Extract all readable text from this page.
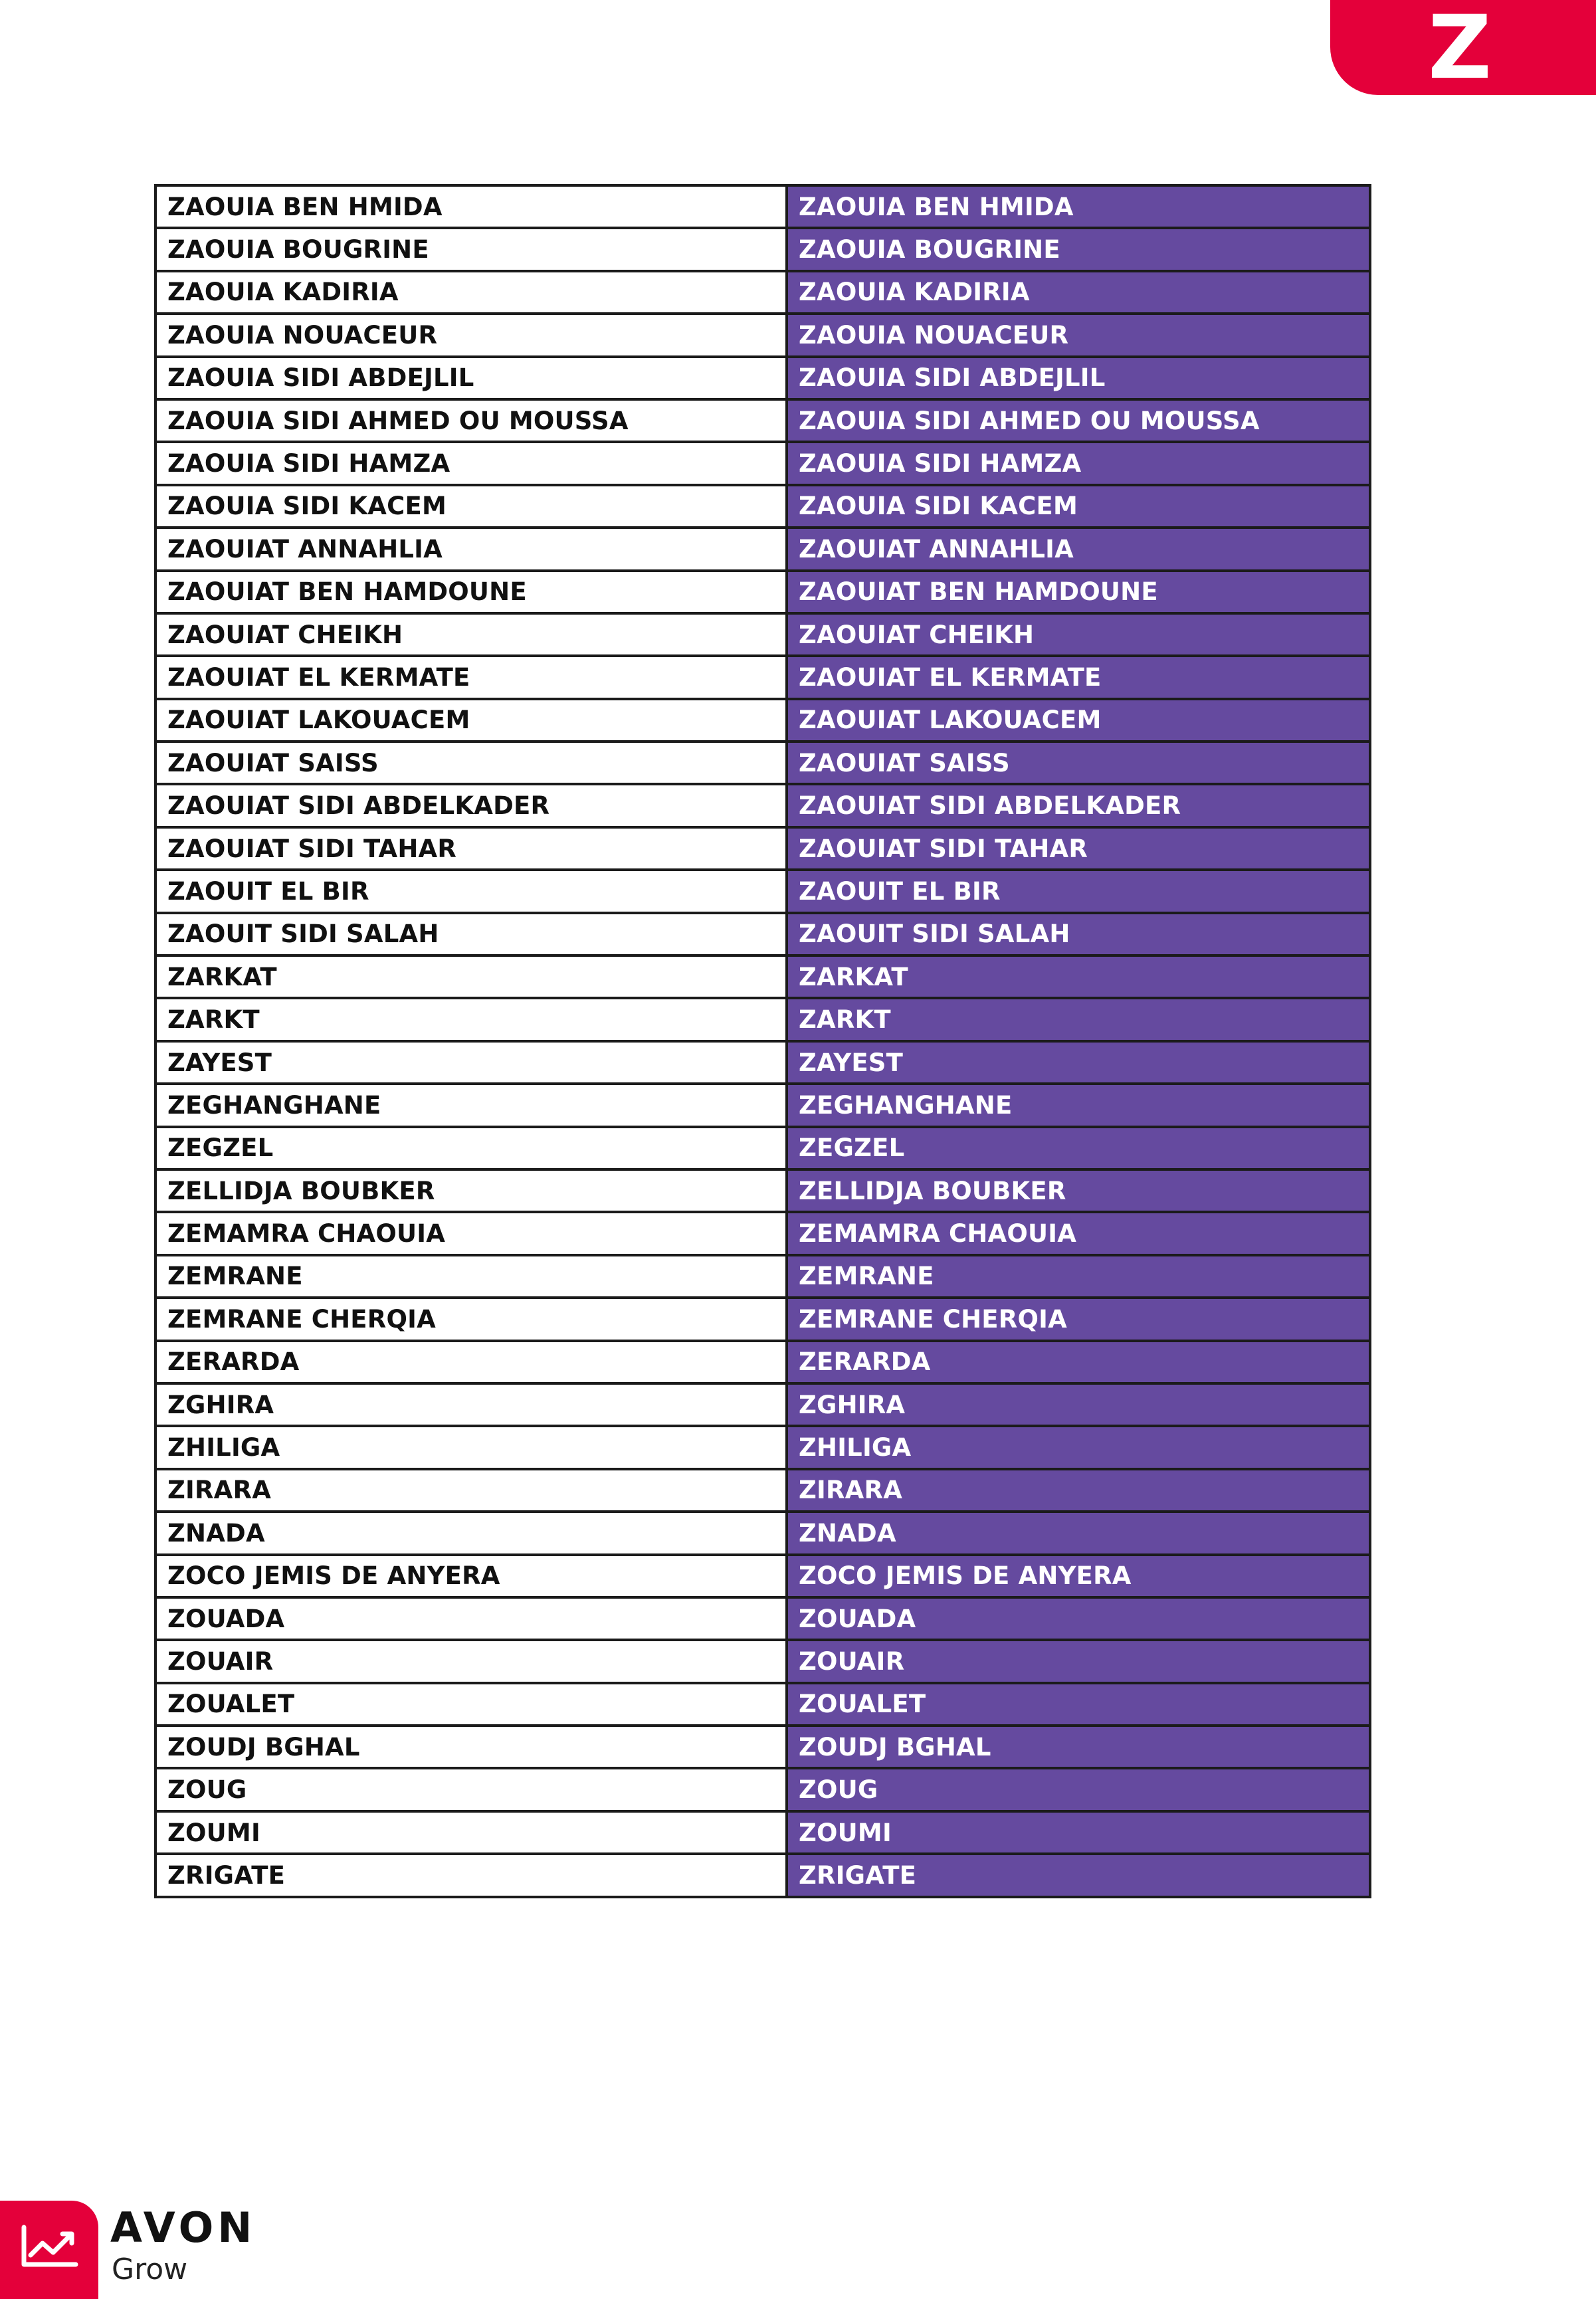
Z
ZAOUIA BEN HMIDA	ZAOUIA BEN HMIDA
ZAOUIA BOUGRINE	ZAOUIA BOUGRINE
ZAOUIA KADIRIA	ZAOUIA KADIRIA
ZAOUIA NOUACEUR	ZAOUIA NOUACEUR
ZAOUIA SIDI ABDEJLIL	ZAOUIA SIDI ABDEJLIL
ZAOUIA SIDI AHMED OU MOUSSA	ZAOUIA SIDI AHMED OU MOUSSA
ZAOUIA SIDI HAMZA	ZAOUIA SIDI HAMZA
ZAOUIA SIDI KACEM	ZAOUIA SIDI KACEM
ZAOUIAT ANNAHLIA	ZAOUIAT ANNAHLIA
ZAOUIAT BEN HAMDOUNE	ZAOUIAT BEN HAMDOUNE
ZAOUIAT CHEIKH	ZAOUIAT CHEIKH
ZAOUIAT EL KERMATE	ZAOUIAT EL KERMATE
ZAOUIAT LAKOUACEM	ZAOUIAT LAKOUACEM
ZAOUIAT SAISS	ZAOUIAT SAISS
ZAOUIAT SIDI ABDELKADER	ZAOUIAT SIDI ABDELKADER
ZAOUIAT SIDI TAHAR	ZAOUIAT SIDI TAHAR
ZAOUIT EL BIR	ZAOUIT EL BIR
ZAOUIT SIDI SALAH	ZAOUIT SIDI SALAH
ZARKAT	ZARKAT
ZARKT	ZARKT
ZAYEST	ZAYEST
ZEGHANGHANE	ZEGHANGHANE
ZEGZEL	ZEGZEL
ZELLIDJA BOUBKER	ZELLIDJA BOUBKER
ZEMAMRA CHAOUIA	ZEMAMRA CHAOUIA
ZEMRANE	ZEMRANE
ZEMRANE CHERQIA	ZEMRANE CHERQIA
ZERARDA	ZERARDA
ZGHIRA	ZGHIRA
ZHILIGA	ZHILIGA
ZIRARA	ZIRARA
ZNADA	ZNADA
ZOCO JEMIS DE ANYERA	ZOCO JEMIS DE ANYERA
ZOUADA	ZOUADA
ZOUAIR	ZOUAIR
ZOUALET	ZOUALET
ZOUDJ BGHAL	ZOUDJ BGHAL
ZOUG	ZOUG
ZOUMI	ZOUMI
ZRIGATE	ZRIGATE
AVON
Grow
